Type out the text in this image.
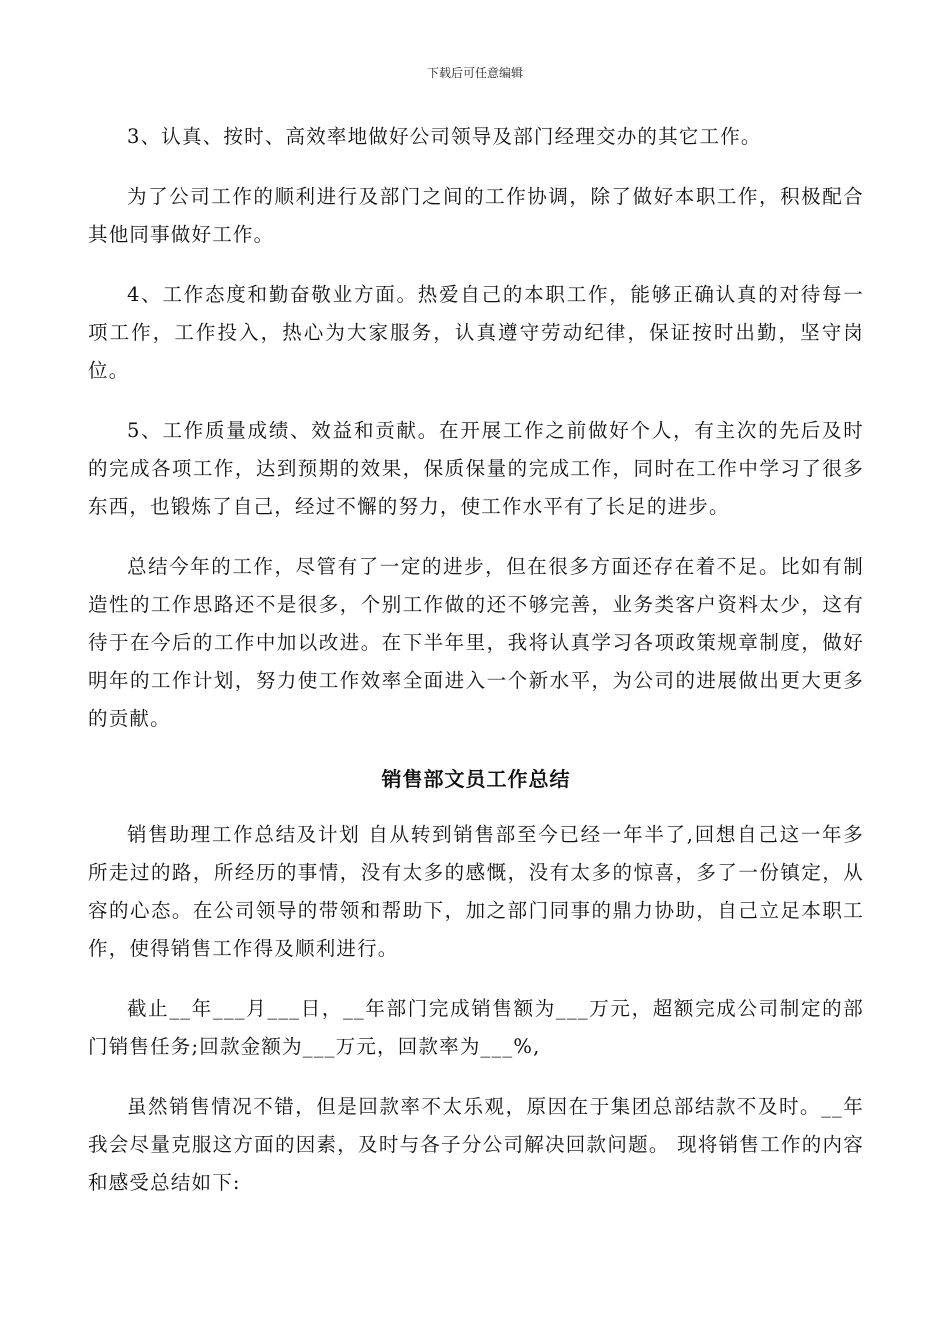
下载后可任意编辑

3、认真、按时、高效率地做好公司领导及部门经理交办的其它工作。

为了公司工作的顺利进行及部门之间的工作协调，除了做好本职工作，积极配合其他同事做好工作。

4、工作态度和勤奋敬业方面。热爱自己的本职工作，能够正确认真的对待每一项工作，工作投入，热心为大家服务，认真遵守劳动纪律，保证按时出勤，坚守岗位。

5、工作质量成绩、效益和贡献。在开展工作之前做好个人，有主次的先后及时的完成各项工作，达到预期的效果，保质保量的完成工作，同时在工作中学习了很多东西，也锻炼了自己，经过不懈的努力，使工作水平有了长足的进步。

总结今年的工作，尽管有了一定的进步，但在很多方面还存在着不足。比如有制造性的工作思路还不是很多，个别工作做的还不够完善，业务类客户资料太少，这有待于在今后的工作中加以改进。在下半年里，我将认真学习各项政策规章制度，做好明年的工作计划，努力使工作效率全面进入一个新水平，为公司的进展做出更大更多的贡献。

销售部文员工作总结

销售助理工作总结及计划 自从转到销售部至今已经一年半了,回想自己这一年多所走过的路，所经历的事情，没有太多的感慨，没有太多的惊喜，多了一份镇定，从容的心态。在公司领导的带领和帮助下，加之部门同事的鼎力协助，自己立足本职工作，使得销售工作得及顺利进行。

截止__年___月___日，__年部门完成销售额为___万元，超额完成公司制定的部门销售任务;回款金额为___万元，回款率为___%,

虽然销售情况不错，但是回款率不太乐观，原因在于集团总部结款不及时。__年我会尽量克服这方面的因素，及时与各子分公司解决回款问题。 现将销售工作的内容和感受总结如下:
